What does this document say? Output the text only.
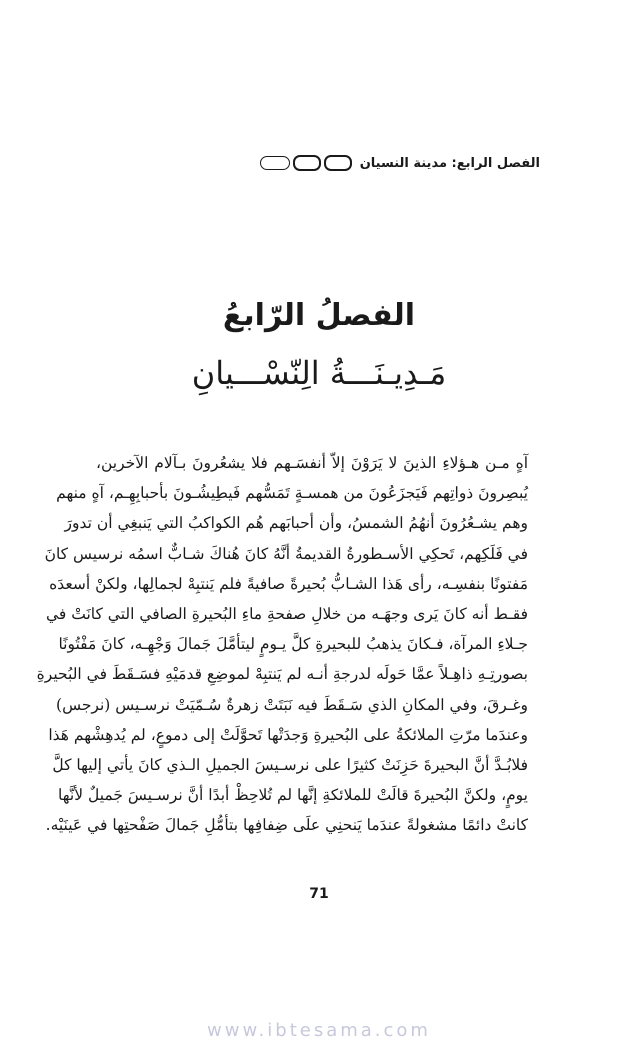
الفصل الرابع: مدينة النسيان
الفصلُ الرّابعُ
مَـدِيـنَـــةُ الِنّسْـــيانِ
آهٍ مـن هـؤلاءِ الذينَ لا يَرَوْنَ إلاّ أنفسَـهم فلا يشعُرونَ بـآلام الآخرين،
يُبصِرونَ ذواتِهم فَيَجزَعُونَ من همسـةٍ تَمَسُّهم فَيطِيشُـونَ بأحبابِهِـم، آهٍ منهم
وهم يشـعُرُونَ أنهُمُ الشمسُ، وأن أحبابَهم هُم الكواكبُ التي يَنبغِي أن تدورَ
في فَلَكِهم، تَحكِي الأسـطورةُ القديمةُ أنَّهُ كانَ هُناكَ شـابٌّ اسمُه نرسيس كانَ
مَفتونًا بنفسِـه، رأى هَذا الشـابُّ بُحيرةً صافيةً فلم يَنتبِهْ لجمالِها، ولكنْ أسعدَه
فقـط أنه كانَ يَرى وجهَـه من خلالِ صفحةِ ماءِ البُحيرةِ الصافي التي كانَتْ في
جـلاءِ المرآة، فـكانَ يذهبُ للبحيرةِ كلَّ يـومٍ ليتأمَّلَ جَمالَ وَجْهِـه، كانَ مَفْتُونًا
بصورتِـهِ ذاهِـلاً عمَّا حَولَه لدرجةِ أنـه لم يَنتبِهْ لموضِعِ قدمَيْهِ فسَـقَطَ في البُحيرةِ
وغـرقَ، وفي المكانِ الذي سَـقَطَ فيه نَبَتَتْ زهرةٌ سُـمّيَتْ نرسـيس (نرجس)
وعندَما مرّتِ الملائكةُ على البُحيرةِ وَجدَتْها تَحوَّلَتْ إلى دموعٍ، لم يُدهِشْهم هَذا
فلابُـدَّ أنَّ البحيرةَ حَزِنَتْ كثيرًا على نرسـيسَ الجميلِ الـذي كانَ يأتي إليها كلَّ
يومٍ، ولكنَّ البُحيرةَ قالَتْ للملائكةِ إنَّها لم تُلاحِظْ أبدًا أنَّ نرسـيسَ جَميلٌ لأنَّها
كانتْ دائمًا مشغولةً عندَما يَنحنِي علَى ضِفافِها بتأمُّلِ جَمالَ صَفْحتِها في عَينَيْه.
71
www.ibtesama.com
